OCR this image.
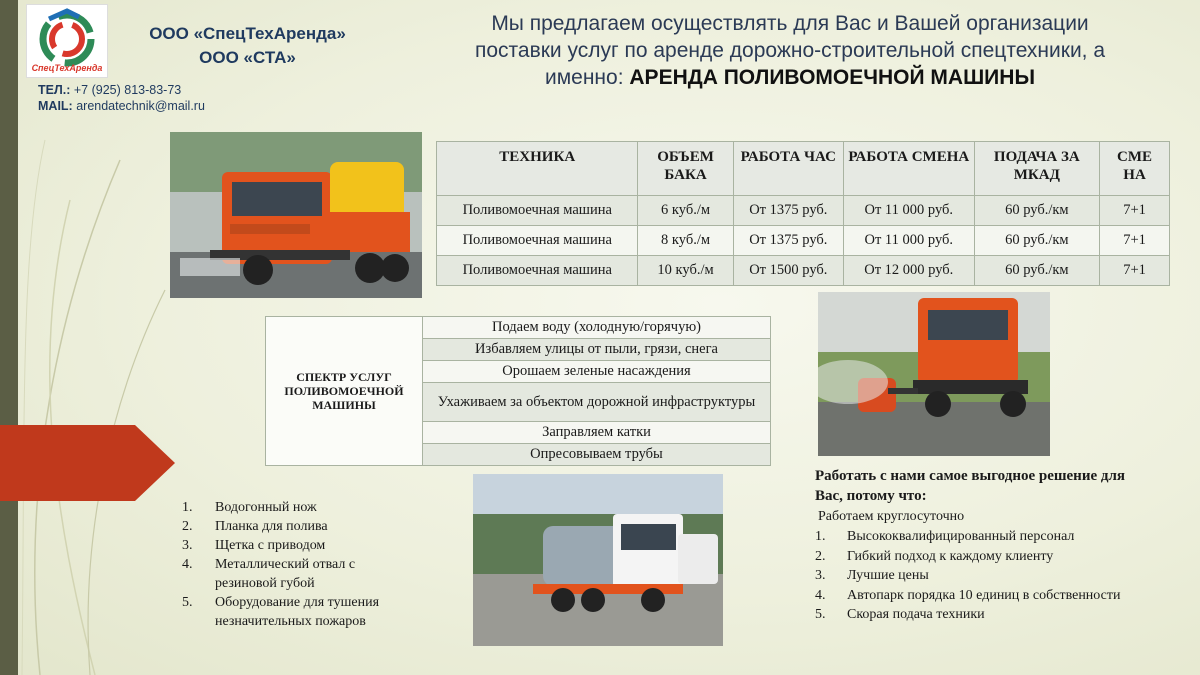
СпецТехАренда
ООО «СпецТехАренда»
ООО «СТА»
ТЕЛ.: +7 (925) 813-83-73
MAIL: arendatechnik@mail.ru
Мы предлагаем осуществлять для Вас и Вашей организации
поставки услуг по аренде дорожно-строительной спецтехники, а
именно: АРЕНДА ПОЛИВОМОЕЧНОЙ МАШИНЫ
ТЕХНИКА	ОБЪЕМ БАКА	РАБОТА ЧАС	РАБОТА СМЕНА	ПОДАЧА ЗА МКАД	СМЕ НА
Поливомоечная машина	6 куб./м	От 1375 руб.	От 11 000 руб.	60 руб./км	7+1
Поливомоечная машина	8 куб./м	От 1375 руб.	От 11 000 руб.	60 руб./км	7+1
Поливомоечная машина	10 куб./м	От 1500 руб.	От 12 000 руб.	60 руб./км	7+1
СПЕКТР УСЛУГ ПОЛИВОМОЕЧНОЙ МАШИНЫ	Подаем воду (холодную/горячую)
Избавляем улицы от пыли, грязи, снега
Орошаем зеленые насаждения
Ухаживаем за объектом дорожной инфраструктуры
Заправляем катки
Опресовываем трубы
1.	Водогонный нож
2.	Планка для полива
3.	Щетка с приводом
4.	Металлический отвал с резиновой губой
5.	Оборудование для тушения незначительных пожаров
Работать с нами самое выгодное решение для Вас, потому что:
Работаем круглосуточно
1.	Высококвалифицированный персонал
2.	Гибкий подход к каждому клиенту
3.	Лучшие цены
4.	Автопарк порядка 10 единиц в собственности
5.	Скорая подача техники
